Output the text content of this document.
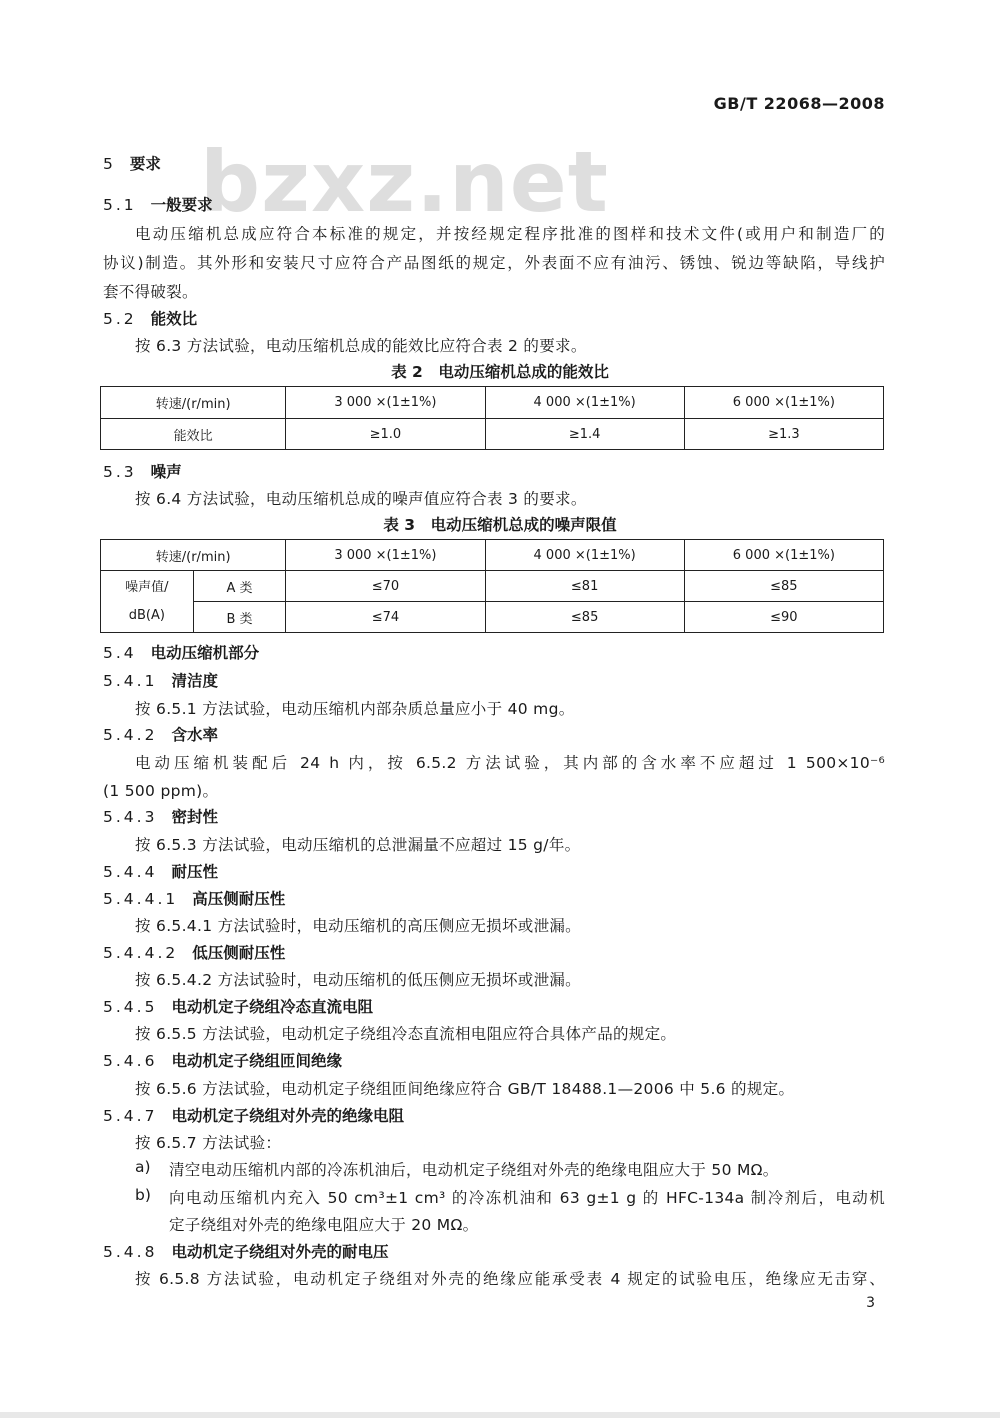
bzxz.net
GB/T 22068—2008
5 要求
5.1 一般要求
电动压缩机总成应符合本标准的规定，并按经规定程序批准的图样和技术文件(或用户和制造厂的
协议)制造。其外形和安装尺寸应符合产品图纸的规定，外表面不应有油污、锈蚀、锐边等缺陷，导线护
套不得破裂。
5.2 能效比
按 6.3 方法试验，电动压缩机总成的能效比应符合表 2 的要求。
表 2　电动压缩机总成的能效比
转速/(r/min)	3 000 ×(1±1%)	4 000 ×(1±1%)	6 000 ×(1±1%)
能效比	≥1.0	≥1.4	≥1.3
5.3 噪声
按 6.4 方法试验，电动压缩机总成的噪声值应符合表 3 的要求。
表 3　电动压缩机总成的噪声限值
转速/(r/min)		3 000 ×(1±1%)	4 000 ×(1±1%)	6 000 ×(1±1%)

噪声值/
dB(A)	A 类	≤70	≤81	≤85
	B 类	≤74	≤85	≤90
5.4 电动压缩机部分
5.4.1 清洁度
按 6.5.1 方法试验，电动压缩机内部杂质总量应小于 40 mg。
5.4.2 含水率
电动压缩机装配后 24 h 内，按 6.5.2 方法试验，其内部的含水率不应超过 1 500×10⁻⁶
(1 500 ppm)。
5.4.3 密封性
按 6.5.3 方法试验，电动压缩机的总泄漏量不应超过 15 g/年。
5.4.4 耐压性
5.4.4.1 高压侧耐压性
按 6.5.4.1 方法试验时，电动压缩机的高压侧应无损坏或泄漏。
5.4.4.2 低压侧耐压性
按 6.5.4.2 方法试验时，电动压缩机的低压侧应无损坏或泄漏。
5.4.5 电动机定子绕组冷态直流电阻
按 6.5.5 方法试验，电动机定子绕组冷态直流相电阻应符合具体产品的规定。
5.4.6 电动机定子绕组匝间绝缘
按 6.5.6 方法试验，电动机定子绕组匝间绝缘应符合 GB/T 18488.1—2006 中 5.6 的规定。
5.4.7 电动机定子绕组对外壳的绝缘电阻
按 6.5.7 方法试验：
a) 清空电动压缩机内部的冷冻机油后，电动机定子绕组对外壳的绝缘电阻应大于 50 MΩ。
b) 向电动压缩机内充入 50 cm³±1 cm³ 的冷冻机油和 63 g±1 g 的 HFC-134a 制冷剂后，电动机
定子绕组对外壳的绝缘电阻应大于 20 MΩ。
5.4.8 电动机定子绕组对外壳的耐电压
按 6.5.8 方法试验，电动机定子绕组对外壳的绝缘应能承受表 4 规定的试验电压，绝缘应无击穿、
3
